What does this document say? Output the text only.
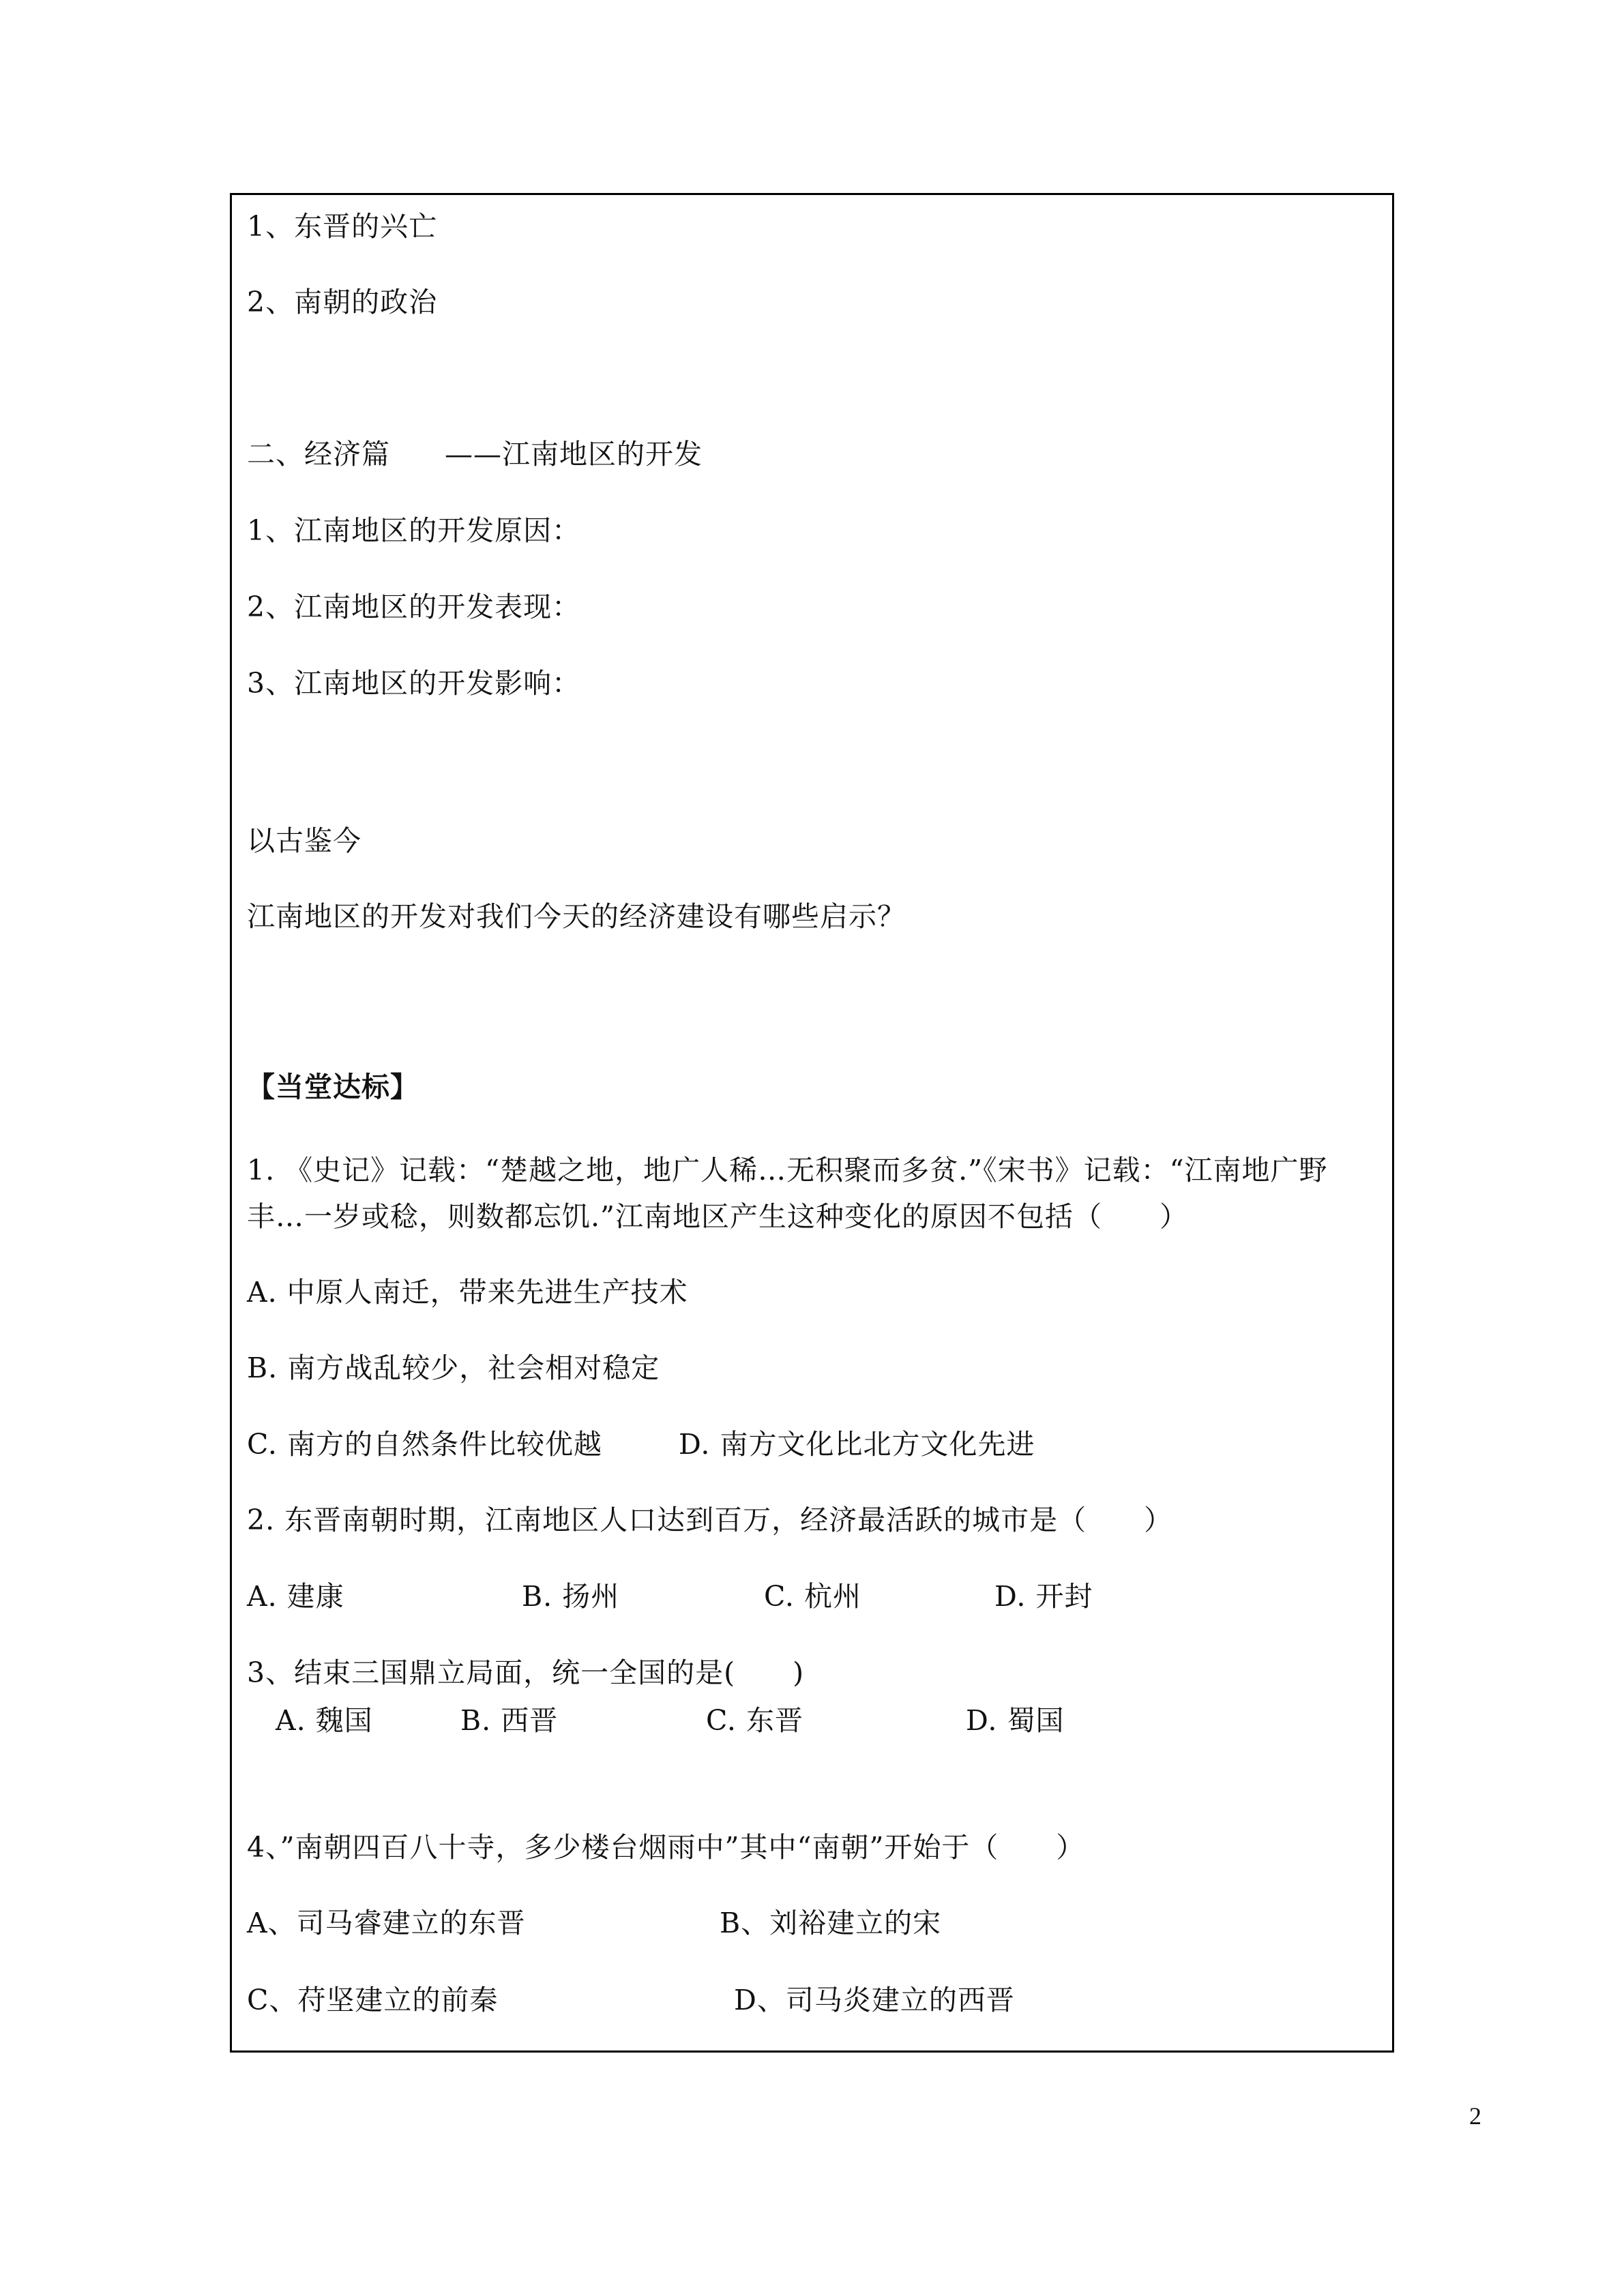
1、东晋的兴亡
2、南朝的政治
二、经济篇 ——江南地区的开发
1、江南地区的开发原因：
2、江南地区的开发表现：
3、江南地区的开发影响：
以古鉴今
江南地区的开发对我们今天的经济建设有哪些启示？
【当堂达标】
1. 《史记》记载：“楚越之地，地广人稀…无积聚而多贫.”《宋书》记载：“江南地广野
丰…一岁或稔，则数都忘饥.”江南地区产生这种变化的原因不包括（　　）
A. 中原人南迁，带来先进生产技术
B. 南方战乱较少，社会相对稳定
C. 南方的自然条件比较优越	D. 南方文化比北方文化先进
2. 东晋南朝时期，江南地区人口达到百万，经济最活跃的城市是（　　）
A. 建康	B. 扬州	C. 杭州	D. 开封
3、结束三国鼎立局面，统一全国的是(　　)
A. 魏国	B. 西晋	C. 东晋	D. 蜀国
4、”南朝四百八十寺，多少楼台烟雨中”其中“南朝”开始于（　　）
A、司马睿建立的东晋	B、刘裕建立的宋
C、苻坚建立的前秦	D、司马炎建立的西晋
2
